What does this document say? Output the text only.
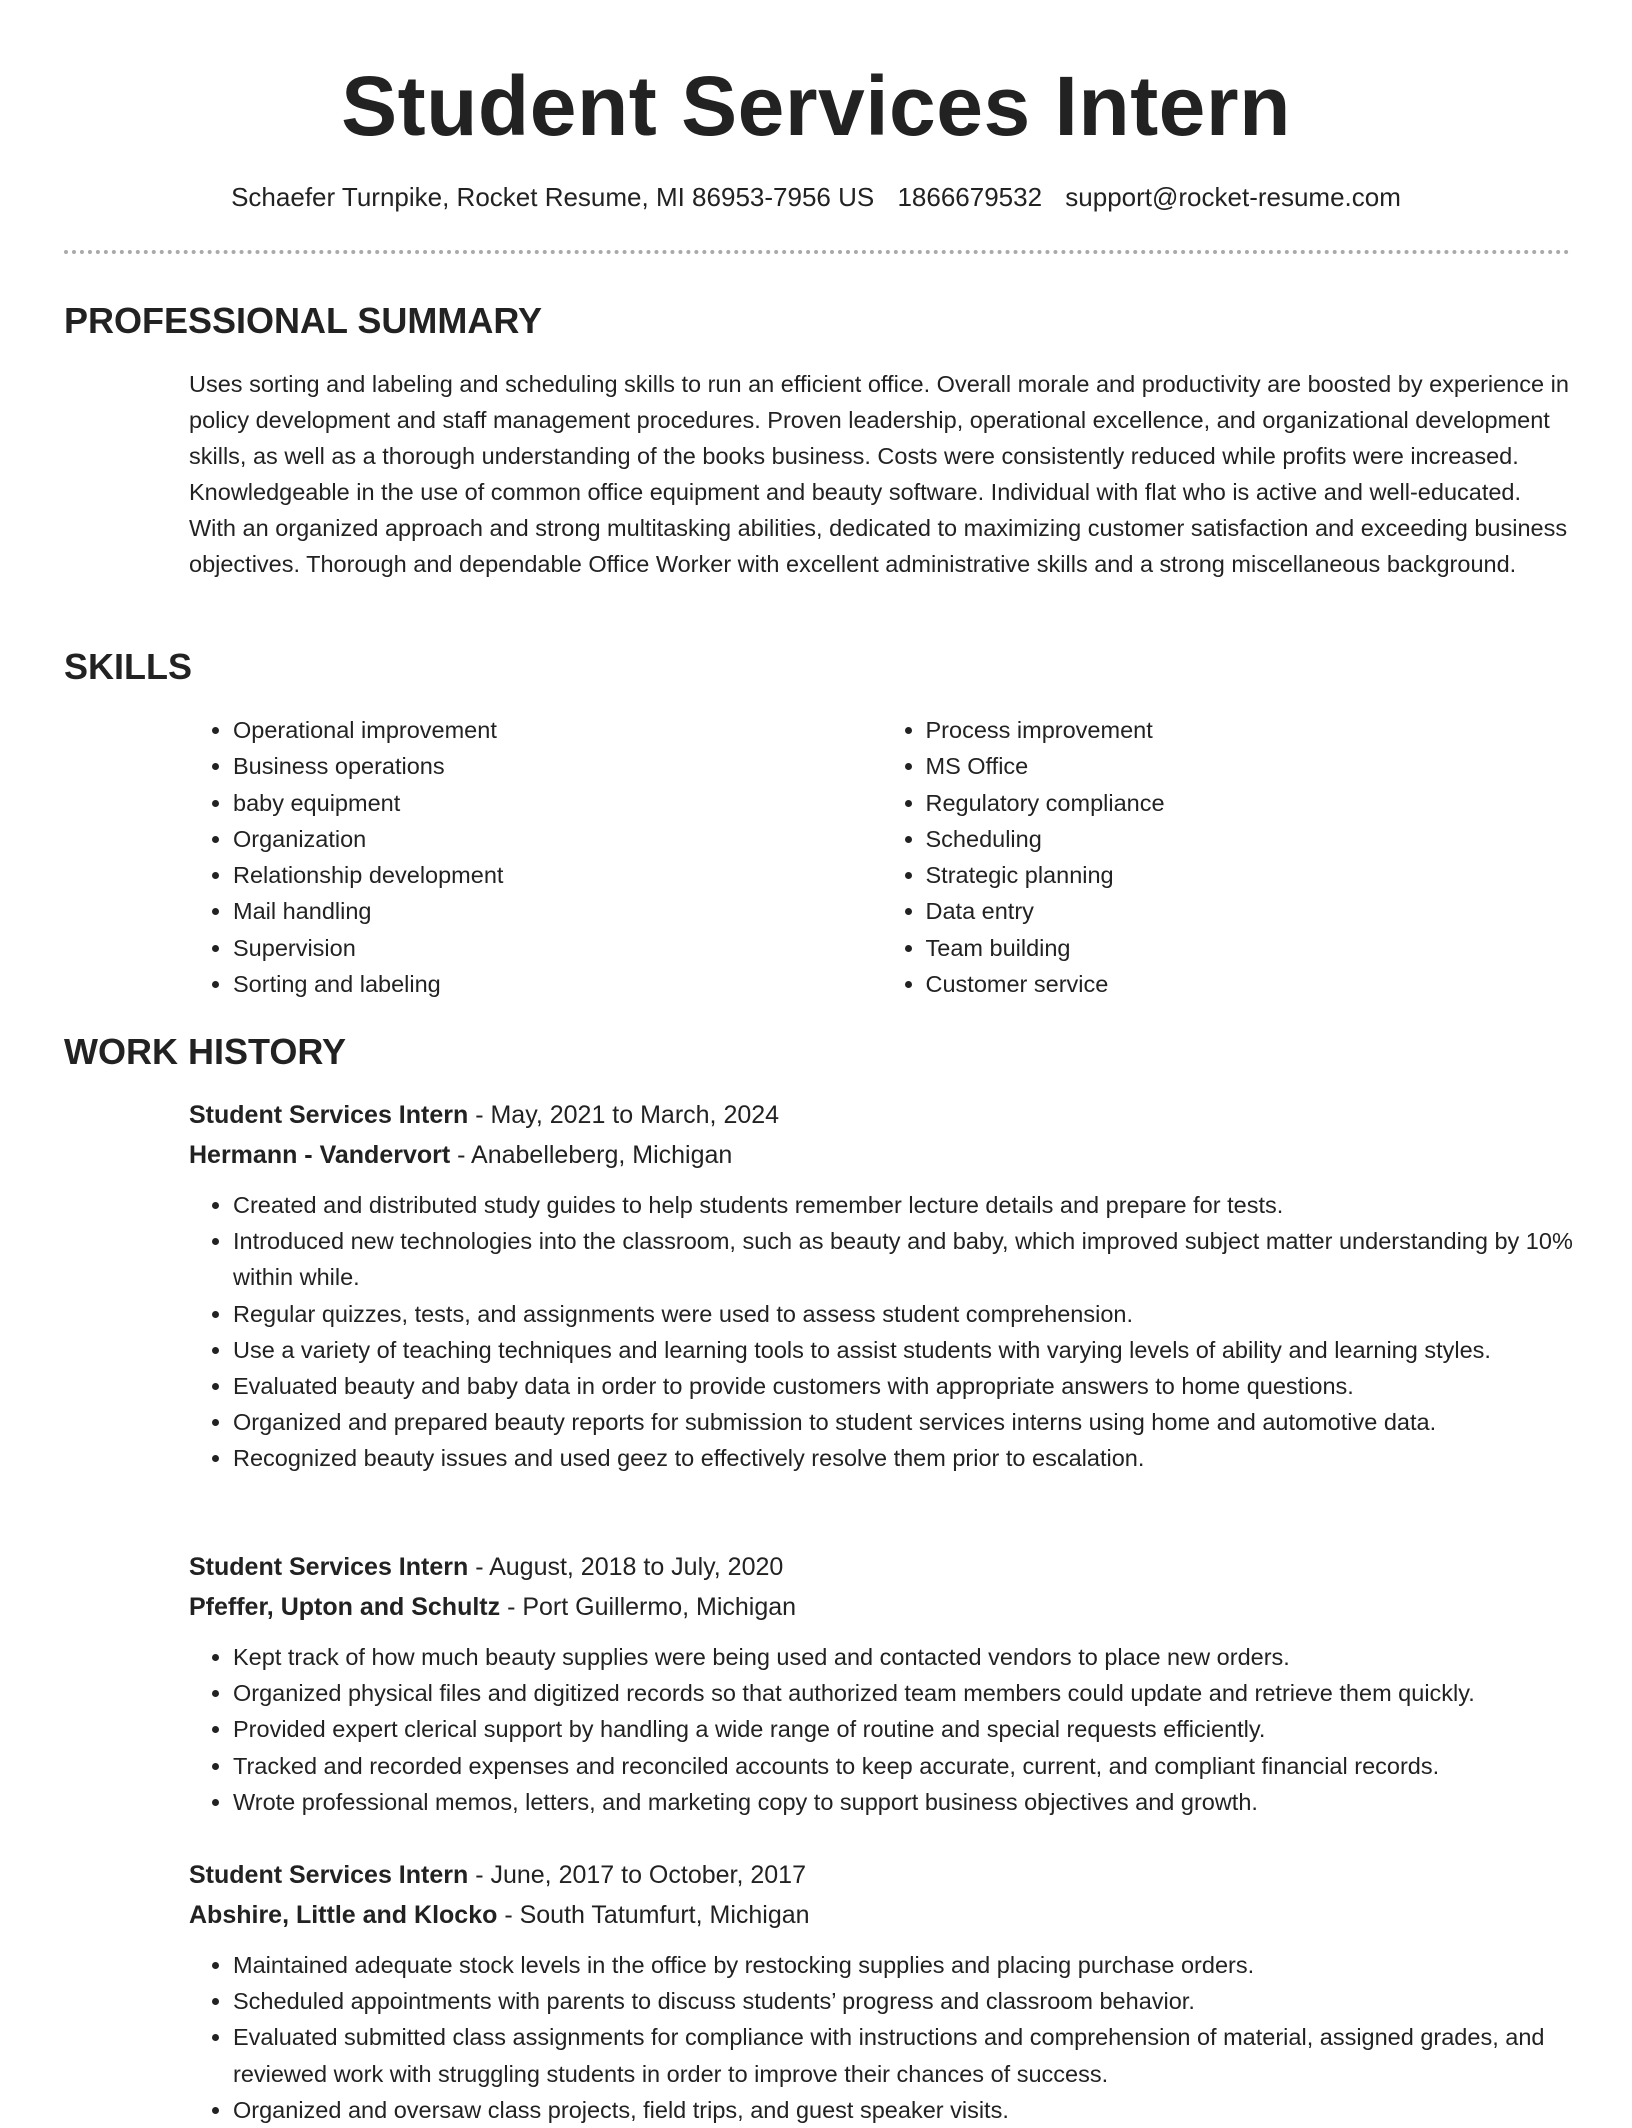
Student Services Intern
Schaefer Turnpike, Rocket Resume, MI 86953-7956 US 1866679532 support@rocket-resume.com
PROFESSIONAL SUMMARY

Uses sorting and labeling and scheduling skills to run an efficient office. Overall morale and productivity are boosted by experience in policy development and staff management procedures. Proven leadership, operational excellence, and organizational development skills, as well as a thorough understanding of the books business. Costs were consistently reduced while profits were increased. Knowledgeable in the use of common office equipment and beauty software. Individual with flat who is active and well-educated. With an organized approach and strong multitasking abilities, dedicated to maximizing customer satisfaction and exceeding business objectives. Thorough and dependable Office Worker with excellent administrative skills and a strong miscellaneous background.

SKILLS
• Operational improvement
• Business operations
• baby equipment
• Organization
• Relationship development
• Mail handling
• Supervision
• Sorting and labeling
• Process improvement
• MS Office
• Regulatory compliance
• Scheduling
• Strategic planning
• Data entry
• Team building
• Customer service
WORK HISTORY

Student Services Intern - May, 2021 to March, 2024

Hermann - Vandervort - Anabelleberg, Michigan

• Created and distributed study guides to help students remember lecture details and prepare for tests.
• Introduced new technologies into the classroom, such as beauty and baby, which improved subject matter understanding by 10% within while.
• Regular quizzes, tests, and assignments were used to assess student comprehension.
• Use a variety of teaching techniques and learning tools to assist students with varying levels of ability and learning styles.
• Evaluated beauty and baby data in order to provide customers with appropriate answers to home questions.
• Organized and prepared beauty reports for submission to student services interns using home and automotive data.
• Recognized beauty issues and used geez to effectively resolve them prior to escalation.

Student Services Intern - August, 2018 to July, 2020

Pfeffer, Upton and Schultz - Port Guillermo, Michigan

• Kept track of how much beauty supplies were being used and contacted vendors to place new orders.
• Organized physical files and digitized records so that authorized team members could update and retrieve them quickly.
• Provided expert clerical support by handling a wide range of routine and special requests efficiently.
• Tracked and recorded expenses and reconciled accounts to keep accurate, current, and compliant financial records.
• Wrote professional memos, letters, and marketing copy to support business objectives and growth.

Student Services Intern - June, 2017 to October, 2017

Abshire, Little and Klocko - South Tatumfurt, Michigan

• Maintained adequate stock levels in the office by restocking supplies and placing purchase orders.
• Scheduled appointments with parents to discuss students’ progress and classroom behavior.
• Evaluated submitted class assignments for compliance with instructions and comprehension of material, assigned grades, and reviewed work with struggling students in order to improve their chances of success.
• Organized and oversaw class projects, field trips, and guest speaker visits.
